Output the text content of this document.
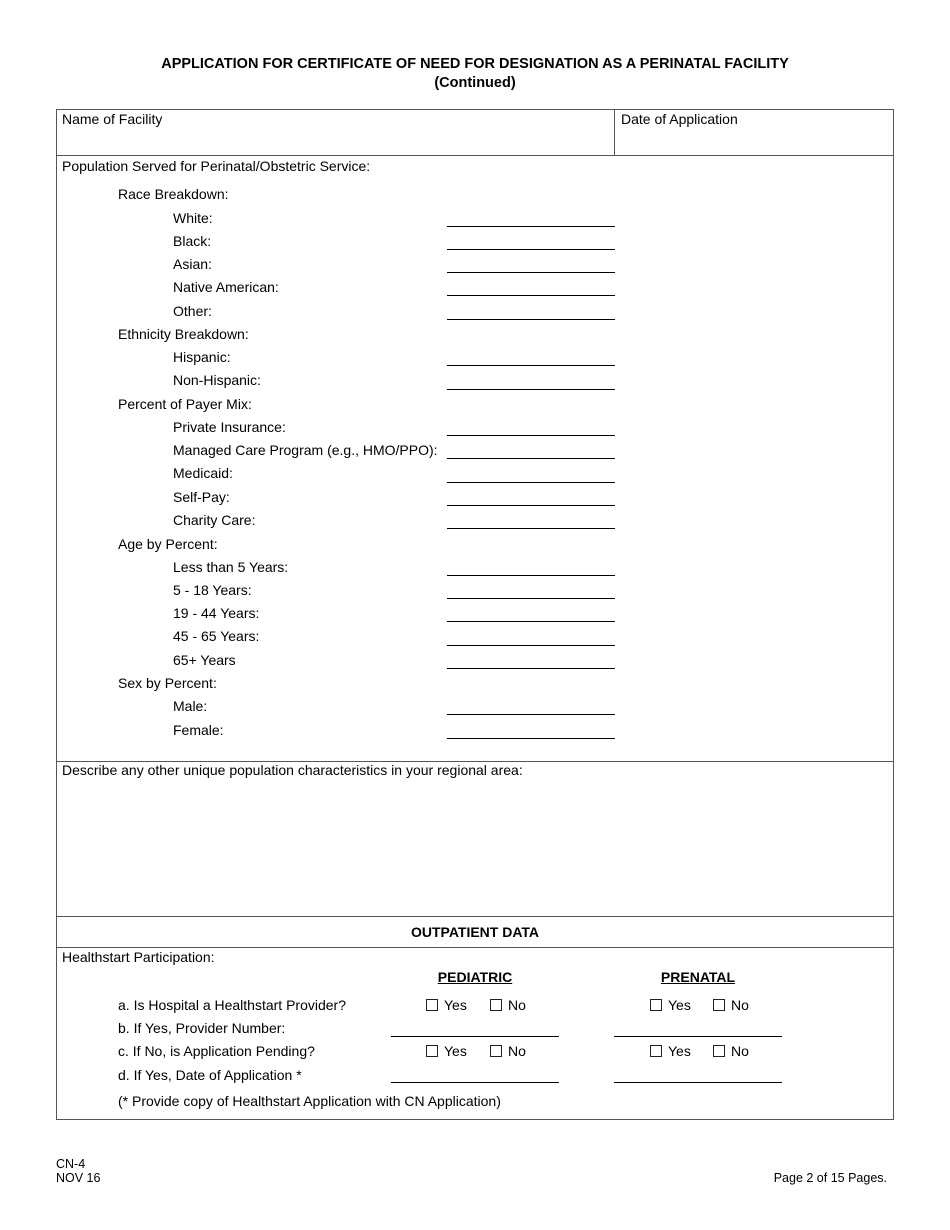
APPLICATION FOR CERTIFICATE OF NEED FOR DESIGNATION AS A PERINATAL FACILITY
(Continued)
Name of Facility	Date of Application
Population Served for Perinatal/Obstetric Service:
Race Breakdown:
White:
Black:
Asian:
Native American:
Other:
Ethnicity Breakdown:
Hispanic:
Non-Hispanic:
Percent of Payer Mix:
Private Insurance:
Managed Care Program (e.g., HMO/PPO):
Medicaid:
Self-Pay:
Charity Care:
Age by Percent:
Less than 5 Years:
5 - 18 Years:
19 - 44 Years:
45 - 65 Years:
65+ Years
Sex by Percent:
Male:
Female:
Describe any other unique population characteristics in your regional area:
OUTPATIENT DATA
Healthstart Participation:
PEDIATRIC	PRENATAL
a. Is Hospital a Healthstart Provider?	Yes	No	Yes	No
b. If Yes, Provider Number:
c. If No, is Application Pending?	Yes	No	Yes	No
d. If Yes, Date of Application *
(* Provide copy of Healthstart Application with CN Application)
CN-4
NOV 16	Page 2 of 15 Pages.
